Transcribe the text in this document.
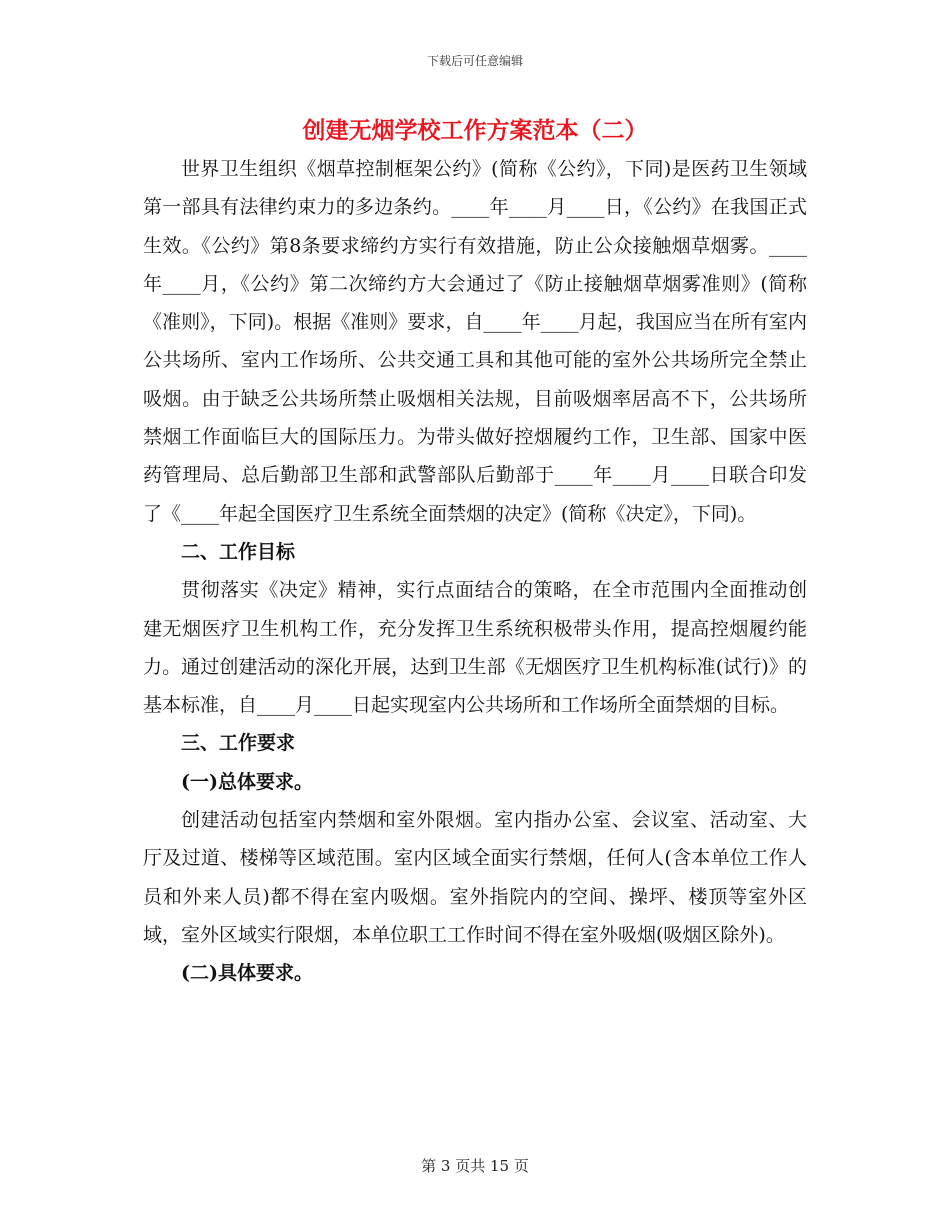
下载后可任意编辑
创建无烟学校工作方案范本（二）

世界卫生组织《烟草控制框架公约》(简称《公约》，下同)是医药卫生领域第一部具有法律约束力的多边条约。____年____月____日，《公约》在我国正式生效。《公约》第8条要求缔约方实行有效措施，防止公众接触烟草烟雾。____年____月，《公约》第二次缔约方大会通过了《防止接触烟草烟雾准则》(简称《准则》，下同)。根据《准则》要求，自____年____月起，我国应当在所有室内公共场所、室内工作场所、公共交通工具和其他可能的室外公共场所完全禁止吸烟。由于缺乏公共场所禁止吸烟相关法规，目前吸烟率居高不下，公共场所禁烟工作面临巨大的国际压力。为带头做好控烟履约工作，卫生部、国家中医药管理局、总后勤部卫生部和武警部队后勤部于____年____月____日联合印发了《____年起全国医疗卫生系统全面禁烟的决定》(简称《决定》，下同)。

二、工作目标

贯彻落实《决定》精神，实行点面结合的策略，在全市范围内全面推动创建无烟医疗卫生机构工作，充分发挥卫生系统积极带头作用，提高控烟履约能力。通过创建活动的深化开展，达到卫生部《无烟医疗卫生机构标准(试行)》的基本标准，自____月____日起实现室内公共场所和工作场所全面禁烟的目标。

三、工作要求

(一)总体要求。

创建活动包括室内禁烟和室外限烟。室内指办公室、会议室、活动室、大厅及过道、楼梯等区域范围。室内区域全面实行禁烟，任何人(含本单位工作人员和外来人员)都不得在室内吸烟。室外指院内的空间、操坪、楼顶等室外区域，室外区域实行限烟，本单位职工工作时间不得在室外吸烟(吸烟区除外)。

(二)具体要求。

第 3 页共 15 页
